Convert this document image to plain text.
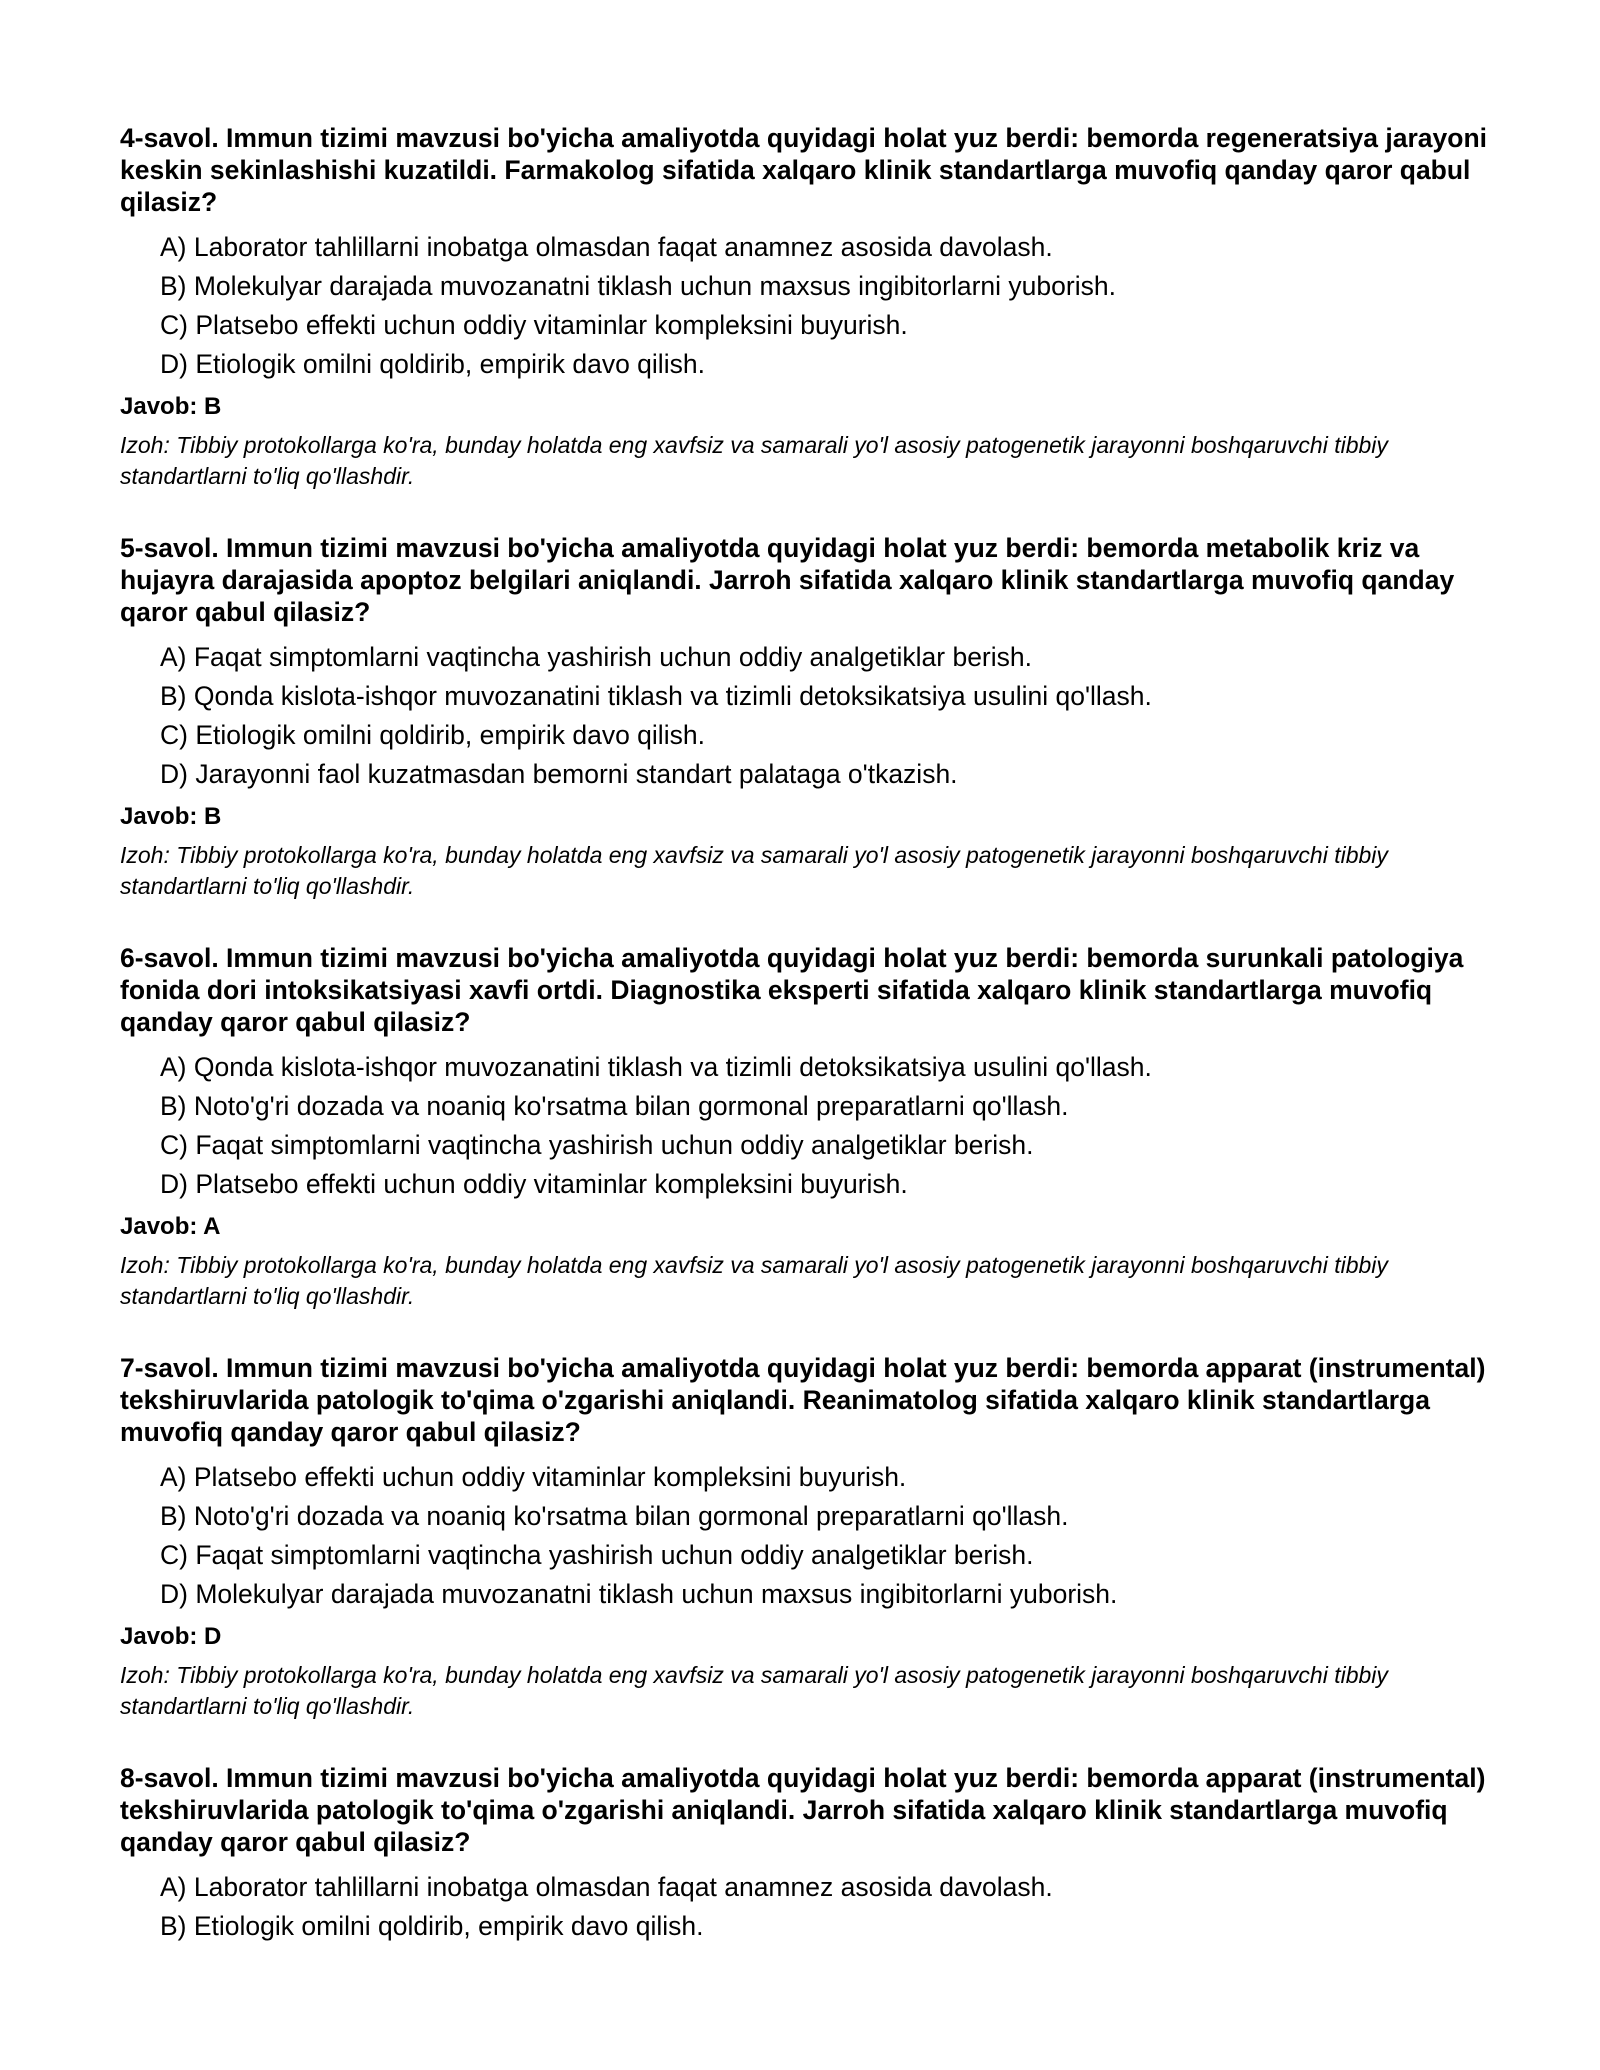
4-savol. Immun tizimi mavzusi bo'yicha amaliyotda quyidagi holat yuz berdi: bemorda regeneratsiya jarayoni keskin sekinlashishi kuzatildi. Farmakolog sifatida xalqaro klinik standartlarga muvofiq qanday qaror qabul qilasiz?

A) Laborator tahlillarni inobatga olmasdan faqat anamnez asosida davolash.
B) Molekulyar darajada muvozanatni tiklash uchun maxsus ingibitorlarni yuborish.
C) Platsebo effekti uchun oddiy vitaminlar kompleksini buyurish.
D) Etiologik omilni qoldirib, empirik davo qilish.

Javob: B

Izoh: Tibbiy protokollarga ko'ra, bunday holatda eng xavfsiz va samarali yo'l asosiy patogenetik jarayonni boshqaruvchi tibbiy standartlarni to'liq qo'llashdir.

5-savol. Immun tizimi mavzusi bo'yicha amaliyotda quyidagi holat yuz berdi: bemorda metabolik kriz va hujayra darajasida apoptoz belgilari aniqlandi. Jarroh sifatida xalqaro klinik standartlarga muvofiq qanday qaror qabul qilasiz?

A) Faqat simptomlarni vaqtincha yashirish uchun oddiy analgetiklar berish.
B) Qonda kislota-ishqor muvozanatini tiklash va tizimli detoksikatsiya usulini qo'llash.
C) Etiologik omilni qoldirib, empirik davo qilish.
D) Jarayonni faol kuzatmasdan bemorni standart palataga o'tkazish.

Javob: B

Izoh: Tibbiy protokollarga ko'ra, bunday holatda eng xavfsiz va samarali yo'l asosiy patogenetik jarayonni boshqaruvchi tibbiy standartlarni to'liq qo'llashdir.

6-savol. Immun tizimi mavzusi bo'yicha amaliyotda quyidagi holat yuz berdi: bemorda surunkali patologiya fonida dori intoksikatsiyasi xavfi ortdi. Diagnostika eksperti sifatida xalqaro klinik standartlarga muvofiq qanday qaror qabul qilasiz?

A) Qonda kislota-ishqor muvozanatini tiklash va tizimli detoksikatsiya usulini qo'llash.
B) Noto'g'ri dozada va noaniq ko'rsatma bilan gormonal preparatlarni qo'llash.
C) Faqat simptomlarni vaqtincha yashirish uchun oddiy analgetiklar berish.
D) Platsebo effekti uchun oddiy vitaminlar kompleksini buyurish.

Javob: A

Izoh: Tibbiy protokollarga ko'ra, bunday holatda eng xavfsiz va samarali yo'l asosiy patogenetik jarayonni boshqaruvchi tibbiy standartlarni to'liq qo'llashdir.

7-savol. Immun tizimi mavzusi bo'yicha amaliyotda quyidagi holat yuz berdi: bemorda apparat (instrumental) tekshiruvlarida patologik to'qima o'zgarishi aniqlandi. Reanimatolog sifatida xalqaro klinik standartlarga muvofiq qanday qaror qabul qilasiz?

A) Platsebo effekti uchun oddiy vitaminlar kompleksini buyurish.
B) Noto'g'ri dozada va noaniq ko'rsatma bilan gormonal preparatlarni qo'llash.
C) Faqat simptomlarni vaqtincha yashirish uchun oddiy analgetiklar berish.
D) Molekulyar darajada muvozanatni tiklash uchun maxsus ingibitorlarni yuborish.

Javob: D

Izoh: Tibbiy protokollarga ko'ra, bunday holatda eng xavfsiz va samarali yo'l asosiy patogenetik jarayonni boshqaruvchi tibbiy standartlarni to'liq qo'llashdir.

8-savol. Immun tizimi mavzusi bo'yicha amaliyotda quyidagi holat yuz berdi: bemorda apparat (instrumental) tekshiruvlarida patologik to'qima o'zgarishi aniqlandi. Jarroh sifatida xalqaro klinik standartlarga muvofiq qanday qaror qabul qilasiz?

A) Laborator tahlillarni inobatga olmasdan faqat anamnez asosida davolash.
B) Etiologik omilni qoldirib, empirik davo qilish.
